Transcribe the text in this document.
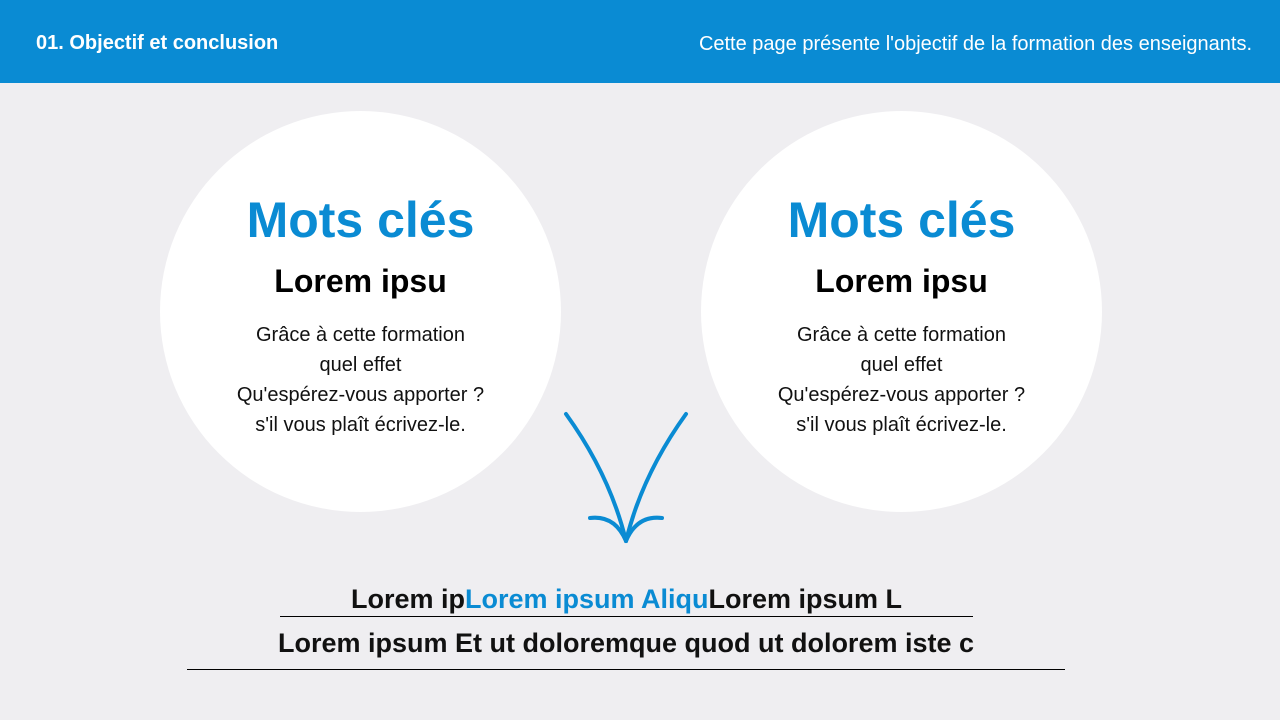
01. Objectif et conclusion	Cette page présente l'objectif de la formation des enseignants.
Mots clés
Lorem ipsu
Grâce à cette formation
quel effet
Qu'espérez-vous apporter ?
s'il vous plaît écrivez-le.
Mots clés
Lorem ipsu
Grâce à cette formation
quel effet
Qu'espérez-vous apporter ?
s'il vous plaît écrivez-le.
Lorem ipLorem ipsum AliquLorem ipsum L
Lorem ipsum Et ut doloremque quod ut dolorem iste c
